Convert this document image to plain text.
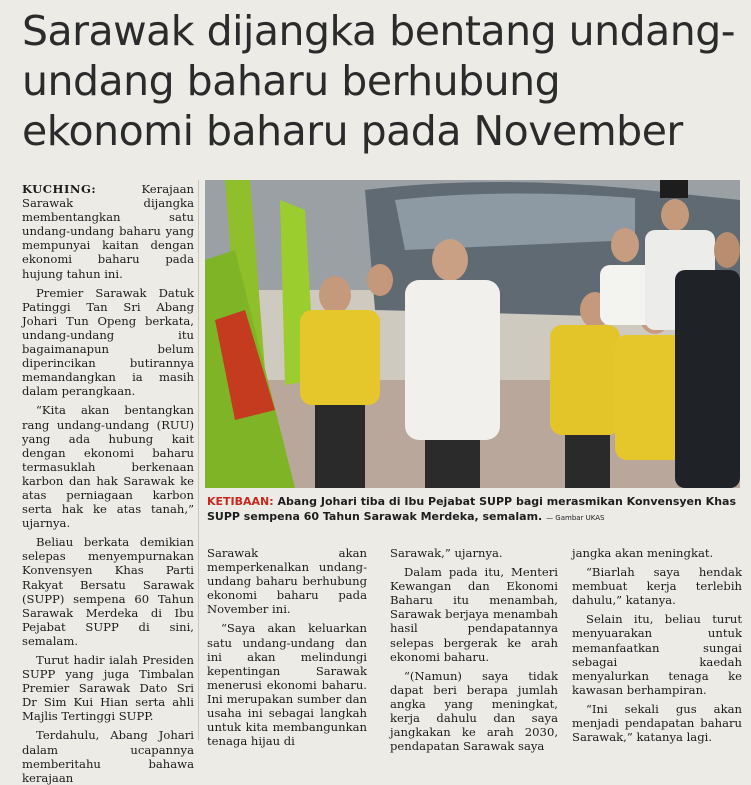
Sarawak dijangka bentang undang-undang baharu berhubung ekonomi baharu pada November

KUCHING:	Kerajaan Sarawak dijangka membentangkan satu undang-undang baharu yang mempunyai kaitan dengan ekonomi baharu pada hujung tahun ini.

Premier Sarawak Datuk Patinggi Tan Sri Abang Johari Tun Openg berkata, undang-undang itu bagaimanapun belum diperincikan butirannya memandangkan ia masih dalam perangkaan.

“Kita akan bentangkan rang undang-undang (RUU) yang ada hubung kait dengan ekonomi baharu termasuklah berkenaan karbon dan hak Sarawak ke atas perniagaan karbon serta hak ke atas tanah,” ujarnya.

Beliau berkata demikian selepas menyempurnakan Konvensyen Khas Parti Rakyat Bersatu Sarawak (SUPP) sempena 60 Tahun Sarawak Merdeka di Ibu Pejabat SUPP di sini, semalam.

Turut hadir ialah Presiden SUPP yang juga Timbalan Premier Sarawak Dato Sri Dr Sim Kui Hian serta ahli Majlis Tertinggi SUPP.

Terdahulu, Abang Johari dalam ucapannya memberitahu bahawa kerajaan

KETIBAAN: Abang Johari tiba di Ibu Pejabat SUPP bagi merasmikan Konvensyen Khas SUPP sempena 60 Tahun Sarawak Merdeka, semalam. — Gambar UKAS

Sarawak akan memperkenalkan undang-undang baharu berhubung ekonomi baharu pada November ini.

“Saya akan keluarkan satu undang-undang dan ini akan melindungi kepentingan Sarawak menerusi ekonomi baharu. Ini merupakan sumber dan usaha ini sebagai langkah untuk kita membangunkan tenaga hijau di

Sarawak,” ujarnya.

Dalam pada itu, Menteri Kewangan dan Ekonomi Baharu itu menambah, Sarawak berjaya menambah hasil pendapatannya selepas bergerak ke arah ekonomi baharu.

“(Namun) saya tidak dapat beri berapa jumlah angka yang meningkat, kerja dahulu dan saya jangkakan ke arah 2030, pendapatan Sarawak saya

jangka akan meningkat.

“Biarlah saya hendak membuat kerja terlebih dahulu,” katanya.

Selain itu, beliau turut menyuarakan untuk memanfaatkan sungai sebagai kaedah menyalurkan tenaga ke kawasan berhampiran.

“Ini sekali gus akan menjadi pendapatan baharu Sarawak,” katanya lagi.
